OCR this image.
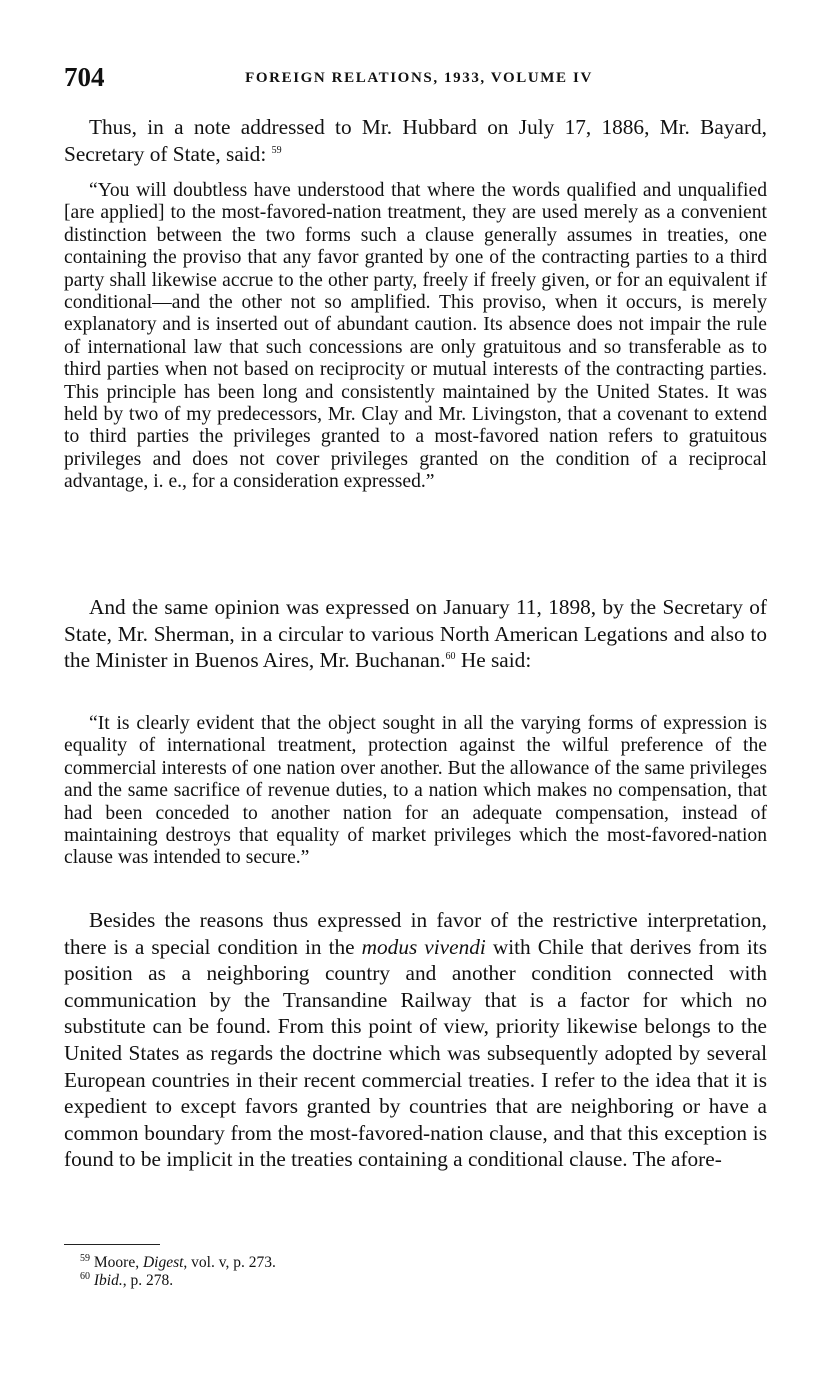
704	FOREIGN RELATIONS, 1933, VOLUME IV

Thus, in a note addressed to Mr. Hubbard on July 17, 1886, Mr. Bayard, Secretary of State, said: $^{59}$

“You will doubtless have understood that where the words qualified and unqualified [are applied] to the most-favored-nation treatment, they are used merely as a convenient distinction between the two forms such a clause generally assumes in treaties, one containing the proviso that any favor granted by one of the contracting parties to a third party shall likewise accrue to the other party, freely if freely given, or for an equivalent if conditional—and the other not so amplified. This proviso, when it occurs, is merely explanatory and is inserted out of abundant caution. Its absence does not impair the rule of international law that such concessions are only gratuitous and so transferable as to third parties when not based on reciprocity or mutual interests of the contracting parties. This principle has been long and consistently maintained by the United States. It was held by two of my predecessors, Mr. Clay and Mr. Livingston, that a covenant to extend to third parties the privileges granted to a most-favored nation refers to gratuitous privileges and does not cover privileges granted on the condition of a reciprocal advantage, i. e., for a consideration expressed.”

And the same opinion was expressed on January 11, 1898, by the Secretary of State, Mr. Sherman, in a circular to various North American Legations and also to the Minister in Buenos Aires, Mr. Buchanan.$^{60}$ He said:

“It is clearly evident that the object sought in all the varying forms of expression is equality of international treatment, protection against the wilful preference of the commercial interests of one nation over another. But the allowance of the same privileges and the same sacrifice of revenue duties, to a nation which makes no compensation, that had been conceded to another nation for an adequate compensation, instead of maintaining destroys that equality of market privileges which the most-favored-nation clause was intended to secure.”

Besides the reasons thus expressed in favor of the restrictive interpretation, there is a special condition in the modus vivendi with Chile that derives from its position as a neighboring country and another condition connected with communication by the Transandine Railway that is a factor for which no substitute can be found. From this point of view, priority likewise belongs to the United States as regards the doctrine which was subsequently adopted by several European countries in their recent commercial treaties. I refer to the idea that it is expedient to except favors granted by countries that are neighboring or have a common boundary from the most-favored-nation clause, and that this exception is found to be implicit in the treaties containing a conditional clause. The afore-

$^{59}$ Moore, Digest, vol. v, p. 273.
$^{60}$ Ibid., p. 278.
